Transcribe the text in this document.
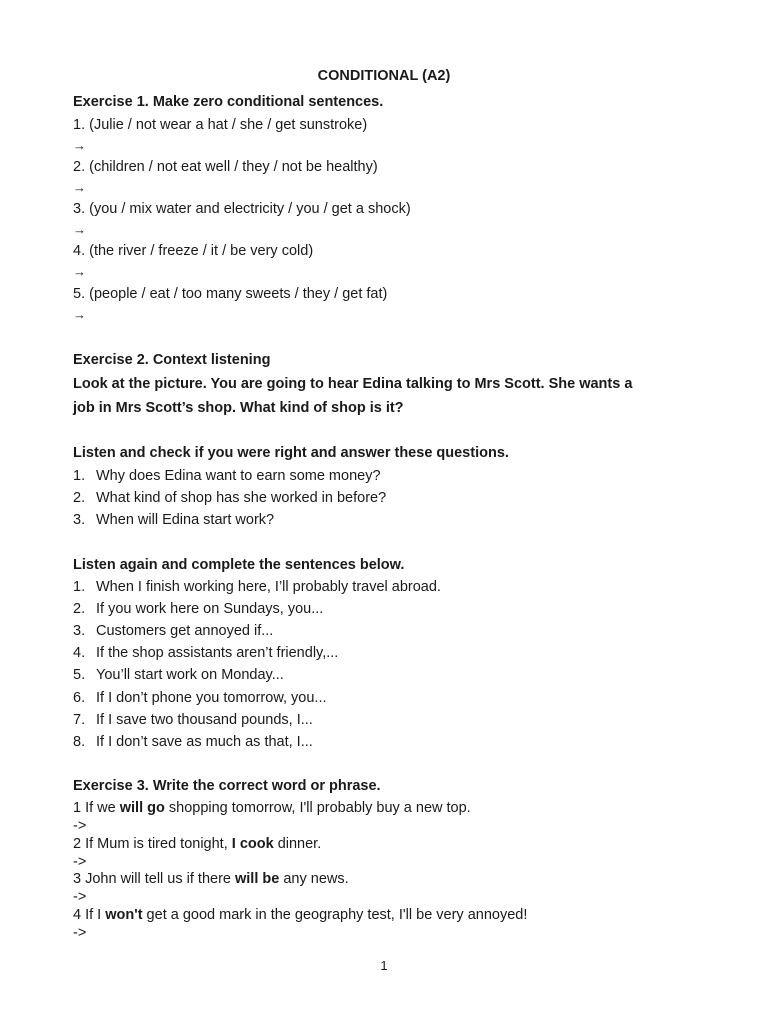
CONDITIONAL (A2)
Exercise 1. Make zero conditional sentences.
1. (Julie / not wear a hat / she / get sunstroke)
→
2. (children / not eat well / they / not be healthy)
→
3. (you / mix water and electricity / you / get a shock)
→
4. (the river / freeze / it / be very cold)
→
5. (people / eat / too many sweets / they / get fat)
→
Exercise 2. Context listening
Look at the picture. You are going to hear Edina talking to Mrs Scott. She wants a
job in Mrs Scott’s shop. What kind of shop is it?
Listen and check if you were right and answer these questions.
1. Why does Edina want to earn some money?
2. What kind of shop has she worked in before?
3. When will Edina start work?
Listen again and complete the sentences below.
1. When I finish working here, I’ll probably travel abroad.
2. If you work here on Sundays, you...
3. Customers get annoyed if...
4. If the shop assistants aren’t friendly,...
5. You’ll start work on Monday...
6. If I don’t phone you tomorrow, you...
7. If I save two thousand pounds, I...
8. If I don’t save as much as that, I...
Exercise 3. Write the correct word or phrase.
1 If we will go shopping tomorrow, I'll probably buy a new top.
->
2 If Mum is tired tonight, I cook dinner.
->
3 John will tell us if there will be any news.
->
4 If I won't get a good mark in the geography test, I'll be very annoyed!
->
1
